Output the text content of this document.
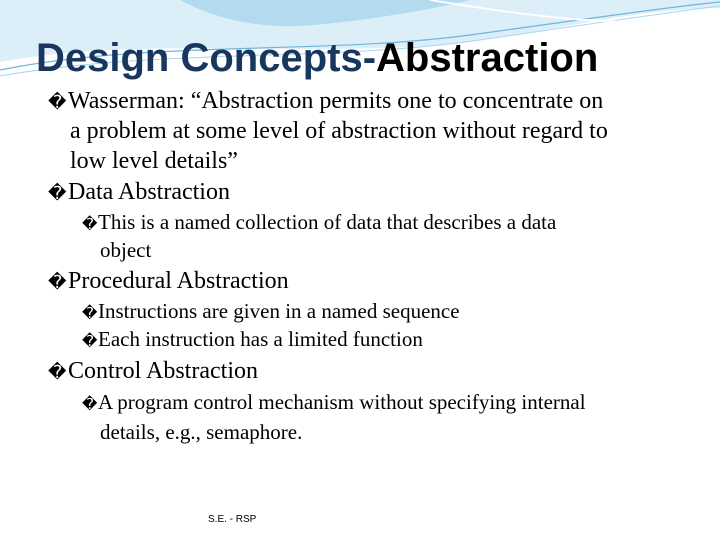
Design Concepts-Abstraction
�Wasserman: “Abstraction permits one to concentrate on
a problem at some level of abstraction without regard to
low level details”
�Data Abstraction
�This is a named collection of data that describes a data
object
�Procedural Abstraction
�Instructions are given in a named sequence
�Each instruction has a limited function
�Control Abstraction
�A program control mechanism without specifying internal
details, e.g., semaphore.
S.E. - RSP
